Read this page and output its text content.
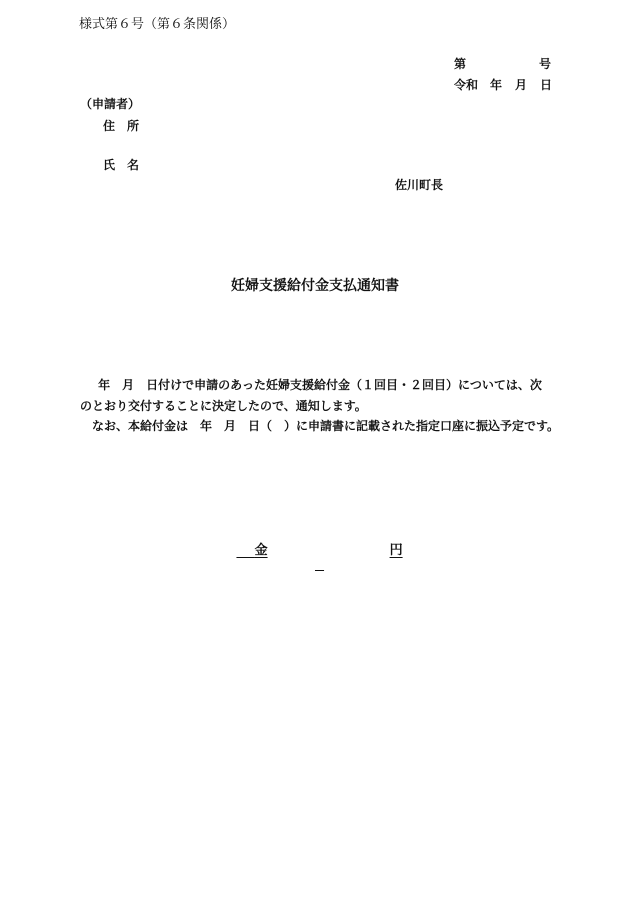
様式第６号（第６条関係）
第	号
令和 年 月 日
（申請者）
住　所
氏　名
佐川町長
妊婦支援給付金支払通知書
　 年　月　日付けで申請のあった妊婦支援給付金（１回目・２回目）については、次
のとおり交付することに決定したので、通知します。
なお、本給付金は　年　月　日（　）に申請書に記載された指定口座に振込予定です。

金	円
